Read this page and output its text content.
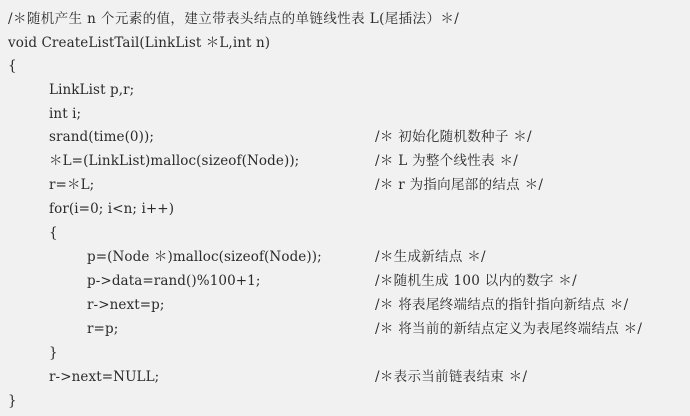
/＊随机产生 n 个元素的值，建立带表头结点的单链线性表 L(尾插法）＊/
void CreateListTail(LinkList ＊L,int n)
{
LinkList p,r;
int i;
srand(time(0));	/＊ 初始化随机数种子 ＊/
＊L=(LinkList)malloc(sizeof(Node));	/＊ L 为整个线性表 ＊/
r=＊L;	/＊ r 为指向尾部的结点 ＊/
for(i=0; i<n; i++)
{
p=(Node ＊)malloc(sizeof(Node));	/＊生成新结点 ＊/
p->data=rand()%100+1;	/＊随机生成 100 以内的数字 ＊/
r->next=p;	/＊ 将表尾终端结点的指针指向新结点 ＊/
r=p;	/＊ 将当前的新结点定义为表尾终端结点 ＊/
}
r->next=NULL;	/＊表示当前链表结束 ＊/
}
